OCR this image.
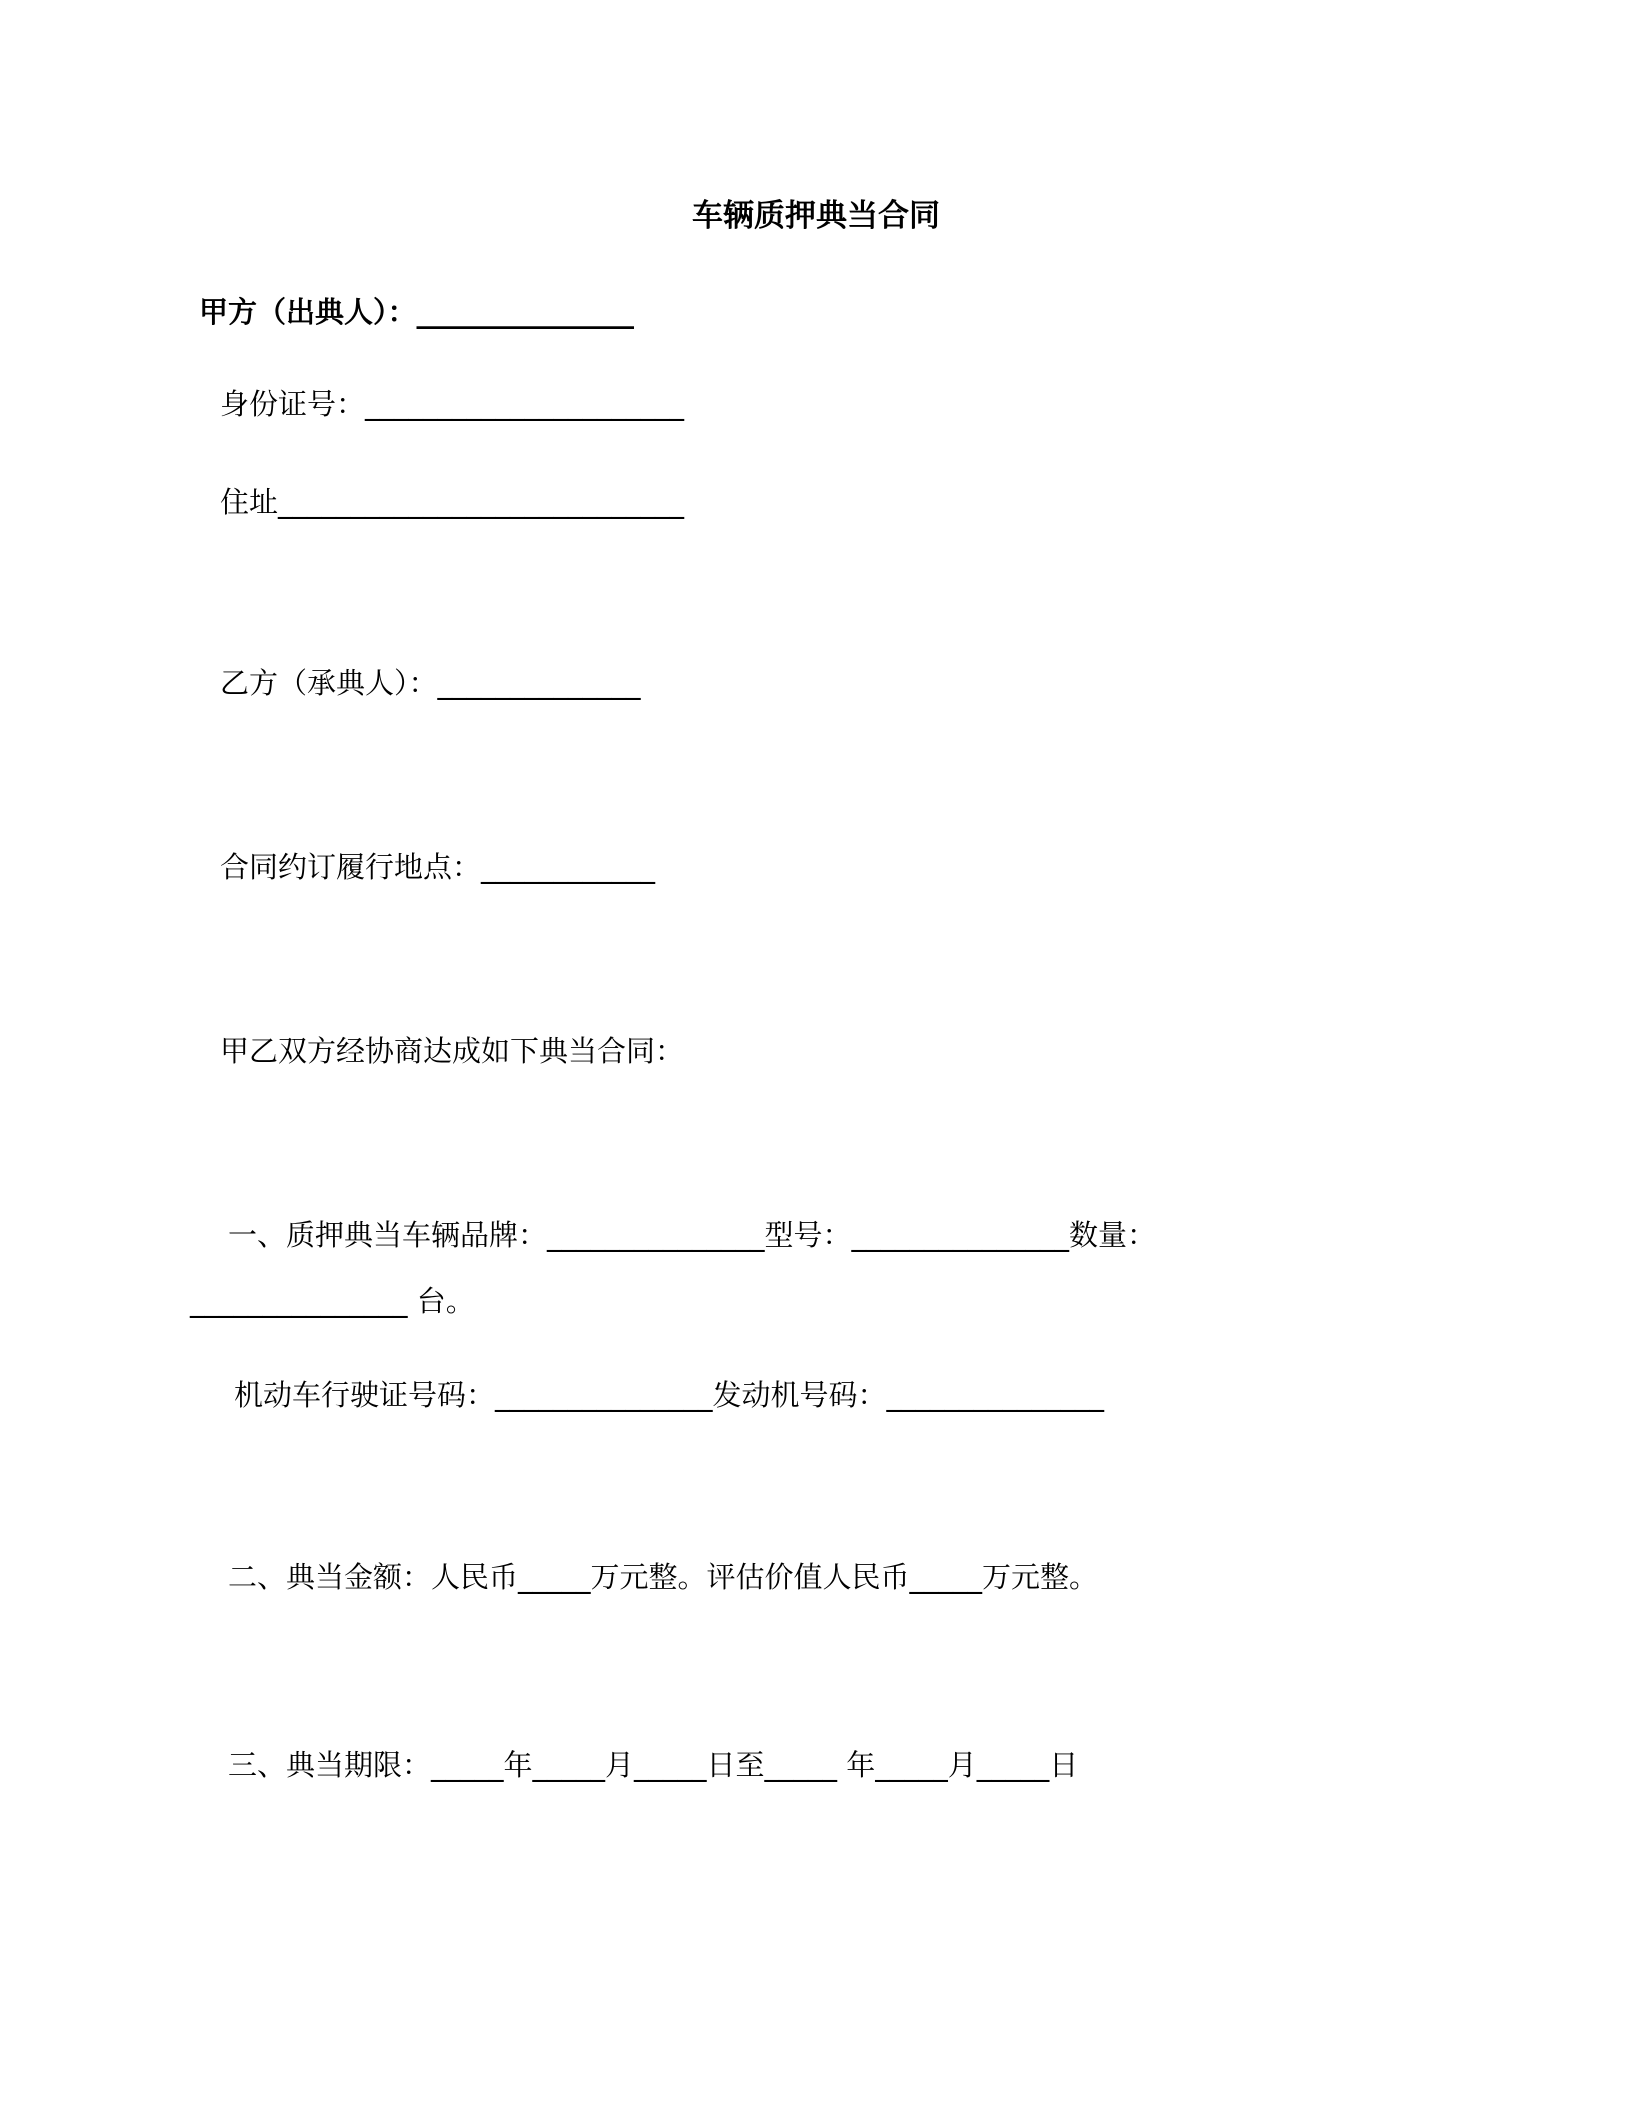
车辆质押典当合同

甲方（出典人）：_______________

身份证号：______________________

住址____________________________

乙方（承典人）：______________

合同约订履行地点：____________

甲乙双方经协商达成如下典当合同：

一、质押典当车辆品牌：_______________型号：_______________数量：

_______________ 台。

机动车行驶证号码：_______________发动机号码：_______________

二、典当金额：人民币_____万元整。评估价值人民币_____万元整。

三、典当期限：_____年_____月_____日至_____ 年_____月_____日
